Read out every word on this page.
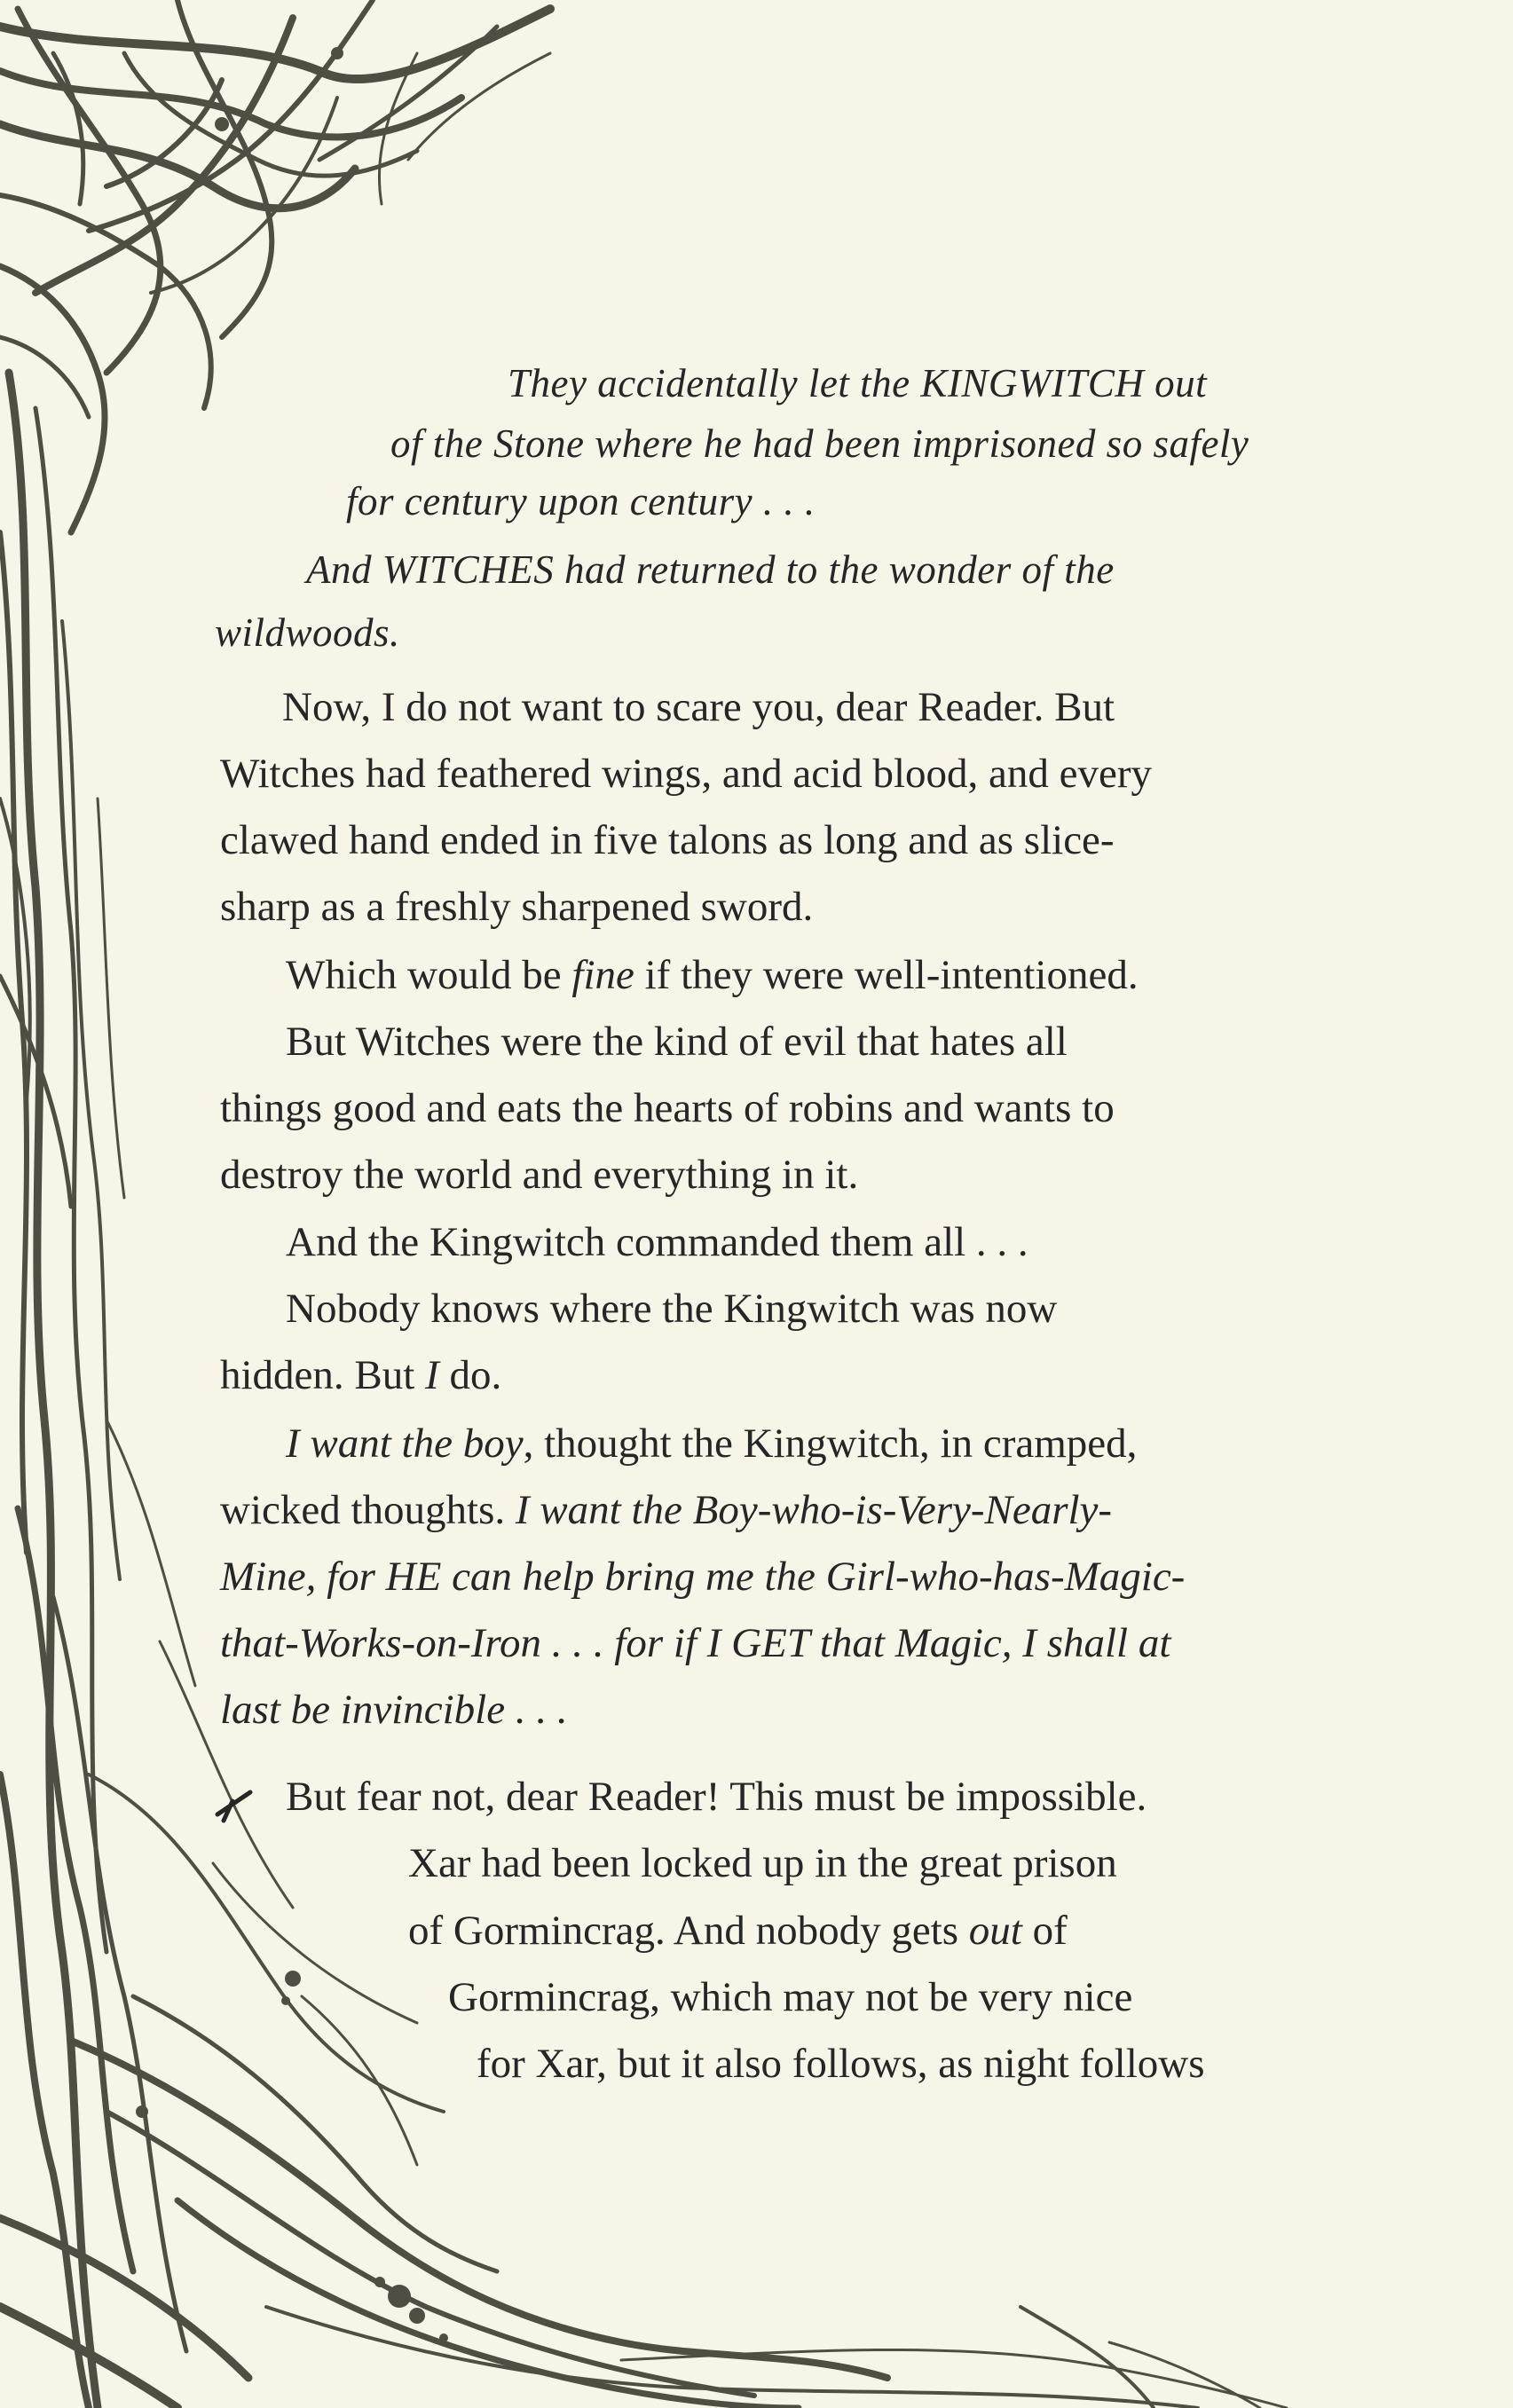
They accidentally let the KINGWITCH out
of the Stone where he had been imprisoned so safely
for century upon century . . .
And WITCHES had returned to the wonder of the
wildwoods.
Now, I do not want to scare you, dear Reader. But
Witches had feathered wings, and acid blood, and every
clawed hand ended in five talons as long and as slice-
sharp as a freshly sharpened sword.
Which would be fine if they were well-intentioned.
But Witches were the kind of evil that hates all
things good and eats the hearts of robins and wants to
destroy the world and everything in it.
And the Kingwitch commanded them all . . .
Nobody knows where the Kingwitch was now
hidden. But I do.
I want the boy, thought the Kingwitch, in cramped,
wicked thoughts. I want the Boy-who-is-Very-Nearly-
Mine, for HE can help bring me the Girl-who-has-Magic-
that-Works-on-Iron . . . for if I GET that Magic, I shall at
last be invincible . . .
But fear not, dear Reader! This must be impossible.
Xar had been locked up in the great prison
of Gormincrag. And nobody gets out of
Gormincrag, which may not be very nice
for Xar, but it also follows, as night follows
